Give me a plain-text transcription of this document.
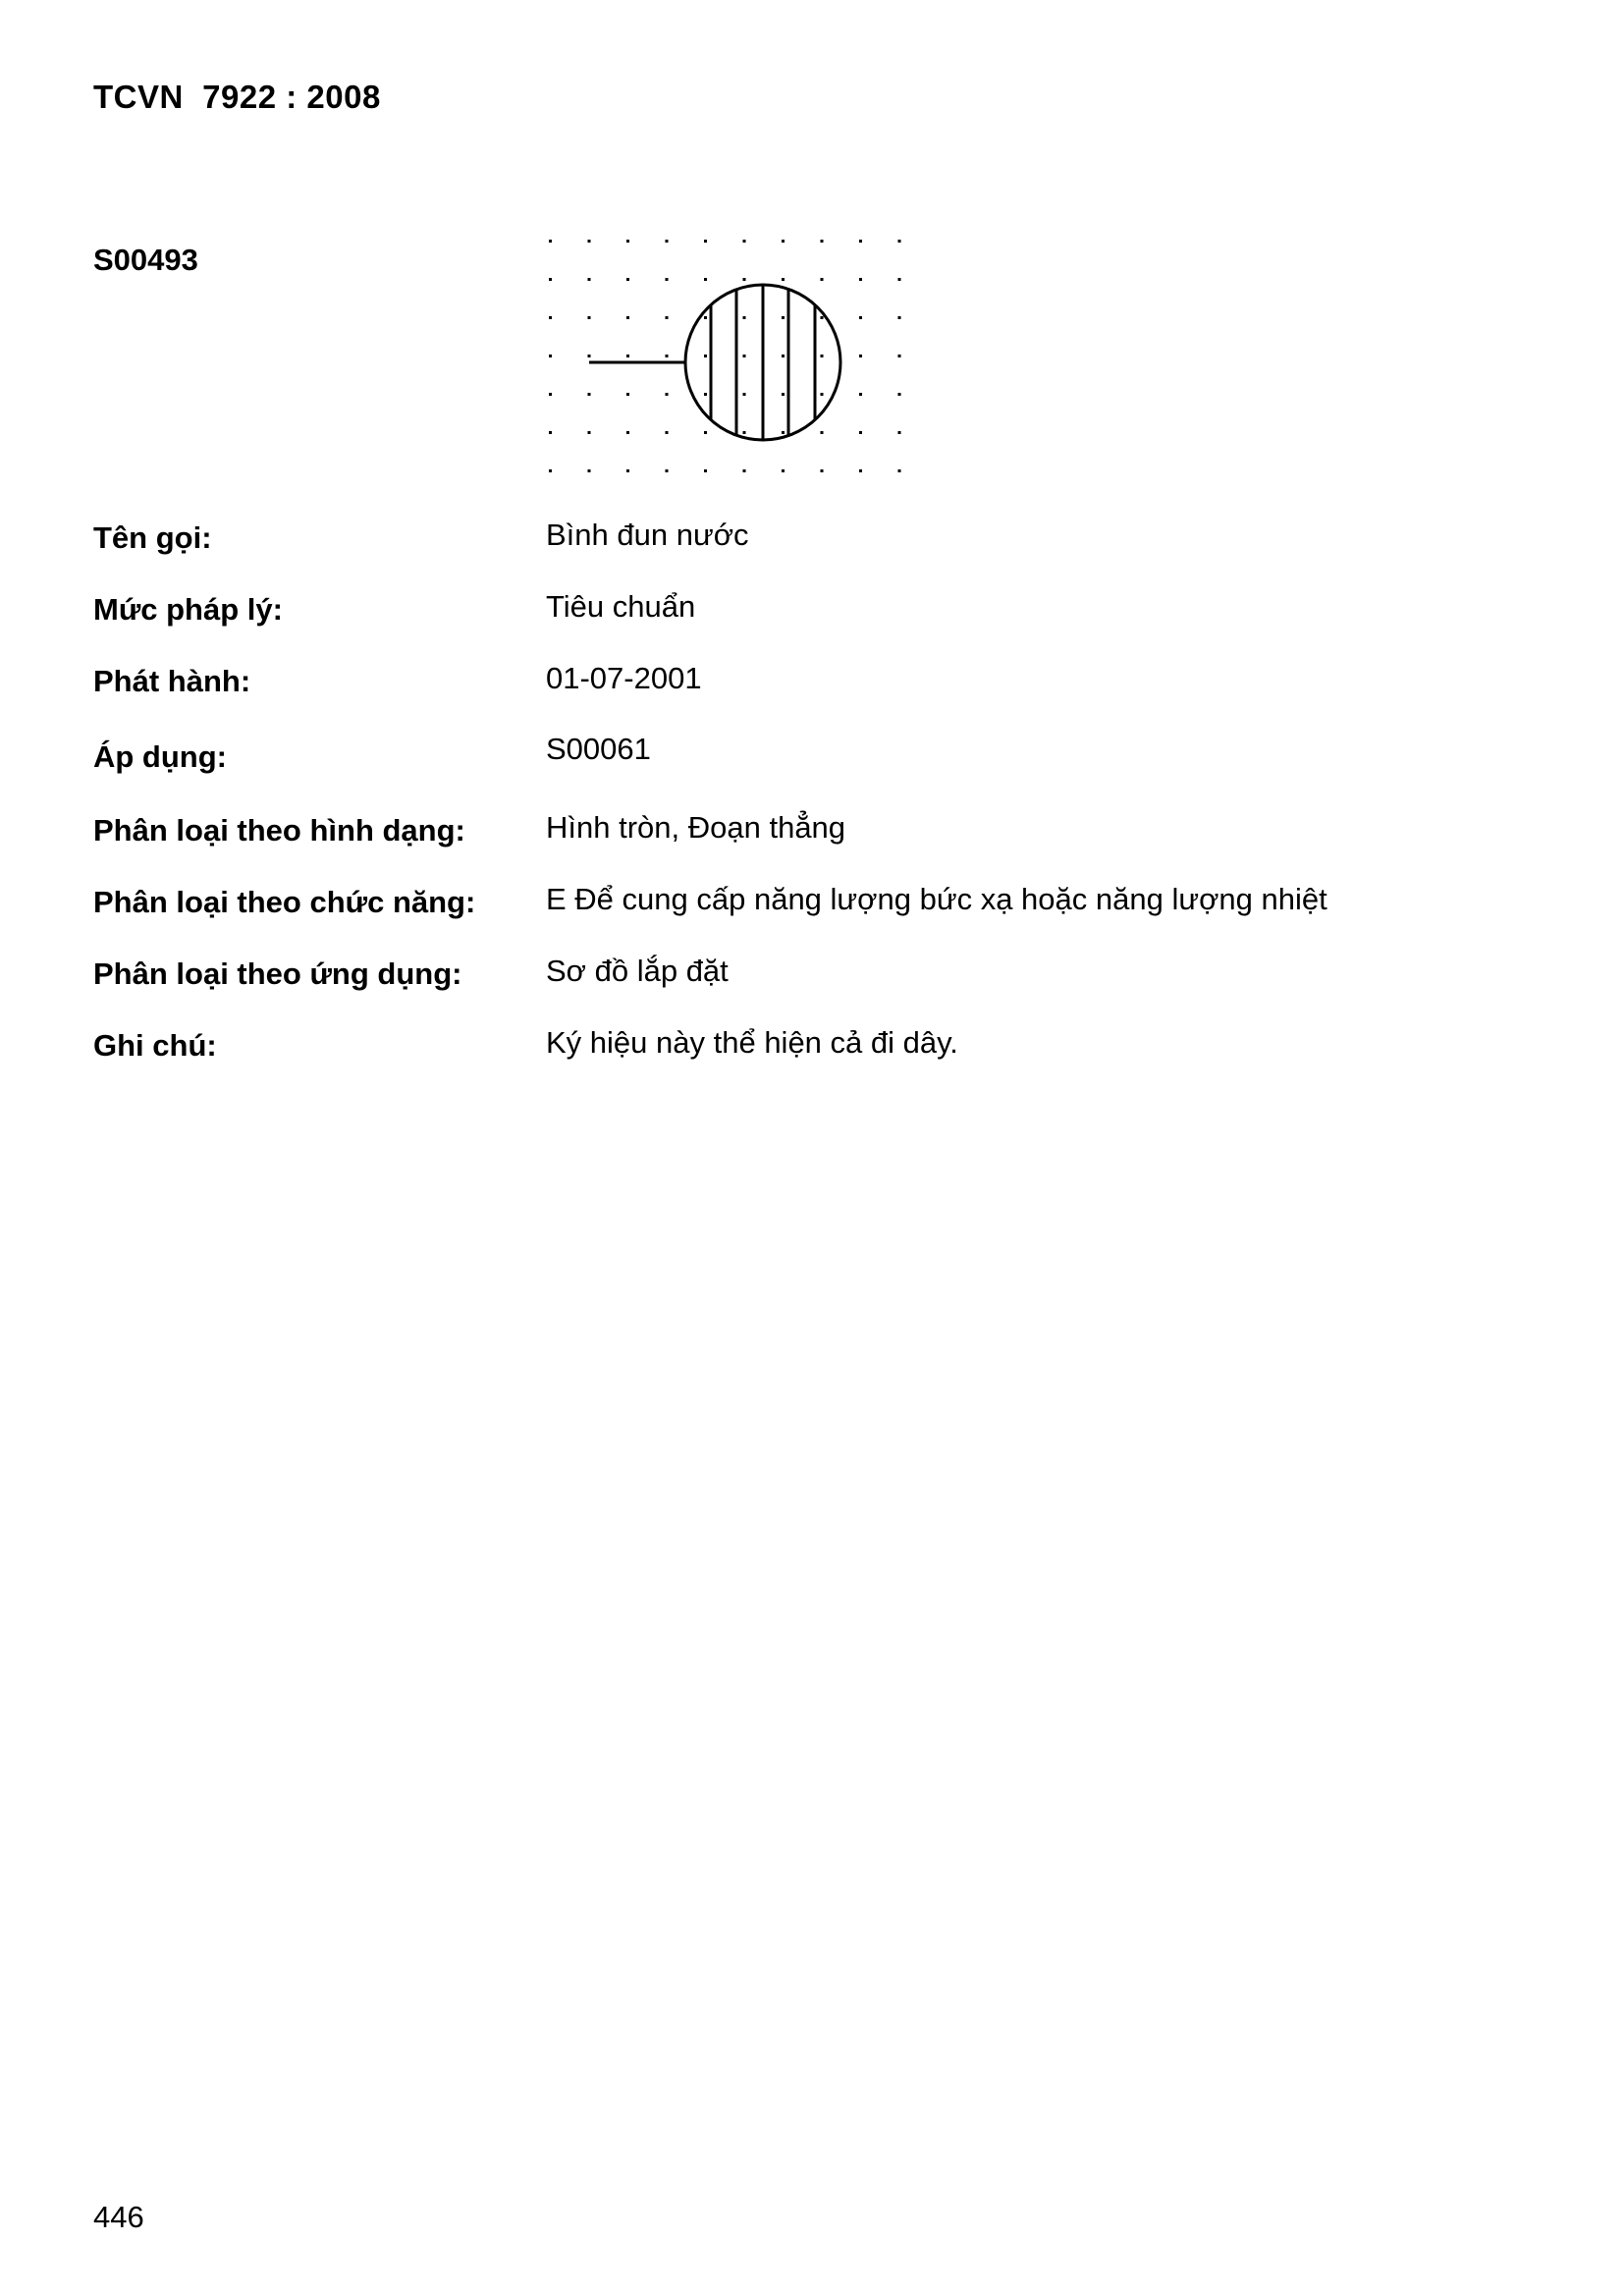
TCVN  7922 : 2008
S00493
Tên gọi:	Bình đun nước
Mức pháp lý:	Tiêu chuẩn
Phát hành:	01-07-2001
Áp dụng:	S00061
Phân loại theo hình dạng:	Hình tròn, Đoạn thẳng
Phân loại theo chức năng: E Để cung cấp năng lượng bức xạ hoặc năng lượng nhiệt
Phân loại theo ứng dụng:	Sơ đồ lắp đặt
Ghi chú:	Ký hiệu này thể hiện cả đi dây.
446
